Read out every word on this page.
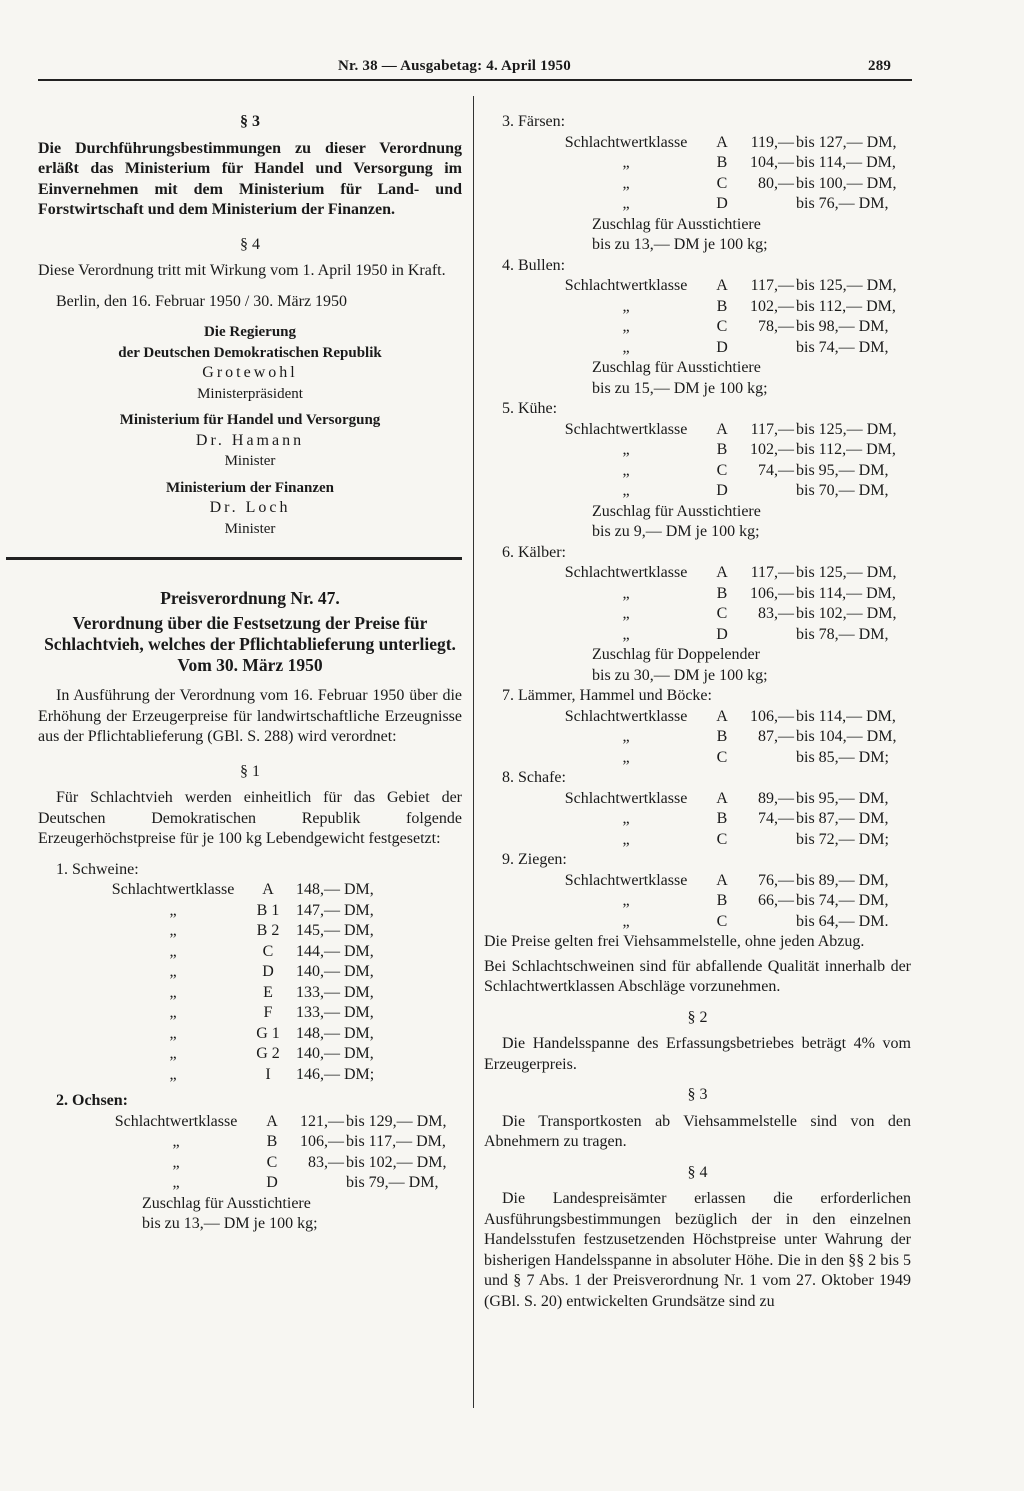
Nr. 38 — Ausgabetag: 4. April 1950	289

§ 3

Die Durchführungsbestimmungen zu dieser Verordnung erläßt das Ministerium für Handel und Versorgung im Einvernehmen mit dem Ministerium für Land- und Forstwirtschaft und dem Ministerium der Finanzen.

§ 4

Diese Verordnung tritt mit Wirkung vom 1. April 1950 in Kraft.

Berlin, den 16. Februar 1950 / 30. März 1950

Die Regierung

der Deutschen Demokratischen Republik

Grotewohl

Ministerpräsident

Ministerium für Handel und Versorgung

Dr. Hamann

Minister

Ministerium der Finanzen

Dr. Loch

Minister

Preisverordnung Nr. 47.

Verordnung über die Festsetzung der Preise für Schlachtvieh, welches der Pflichtablieferung unterliegt.

Vom 30. März 1950

In Ausführung der Verordnung vom 16. Februar 1950 über die Erhöhung der Erzeugerpreise für landwirtschaftliche Erzeugnisse aus der Pflichtablieferung (GBl. S. 288) wird verordnet:

§ 1

Für Schlachtvieh werden einheitlich für das Gebiet der Deutschen Demokratischen Republik folgende Erzeugerhöchstpreise für je 100 kg Lebendgewicht festgesetzt:

1. Schweine:

Schlachtwertklasse	A	148,— DM,
„	B 1	147,— DM,
„	B 2	145,— DM,
„	C	144,— DM,
„	D	140,— DM,
„	E	133,— DM,
„	F	133,— DM,
„	G 1	148,— DM,
„	G 2	140,— DM,
„	I	146,— DM;

2. Ochsen:

Schlachtwertklasse	A	121,—	bis 129,— DM,
„	B	106,—	bis 117,— DM,
„	C	83,—	bis 102,— DM,
„	D		bis 79,— DM,

Zuschlag für Ausstichtiere

bis zu 13,— DM je 100 kg;

3. Färsen:

Schlachtwertklasse	A	119,—	bis 127,— DM,
„	B	104,—	bis 114,— DM,
„	C	80,—	bis 100,— DM,
„	D		bis 76,— DM,

Zuschlag für Ausstichtiere

bis zu 13,— DM je 100 kg;

4. Bullen:

Schlachtwertklasse	A	117,—	bis 125,— DM,
„	B	102,—	bis 112,— DM,
„	C	78,—	bis 98,— DM,
„	D		bis 74,— DM,

Zuschlag für Ausstichtiere

bis zu 15,— DM je 100 kg;

5. Kühe:

Schlachtwertklasse	A	117,—	bis 125,— DM,
„	B	102,—	bis 112,— DM,
„	C	74,—	bis 95,— DM,
„	D		bis 70,— DM,

Zuschlag für Ausstichtiere

bis zu 9,— DM je 100 kg;

6. Kälber:

Schlachtwertklasse	A	117,—	bis 125,— DM,
„	B	106,—	bis 114,— DM,
„	C	83,—	bis 102,— DM,
„	D		bis 78,— DM,

Zuschlag für Doppelender

bis zu 30,— DM je 100 kg;

7. Lämmer, Hammel und Böcke:

Schlachtwertklasse	A	106,—	bis 114,— DM,
„	B	87,—	bis 104,— DM,
„	C		bis 85,— DM;

8. Schafe:

Schlachtwertklasse	A	89,—	bis 95,— DM,
„	B	74,—	bis 87,— DM,
„	C		bis 72,— DM;

9. Ziegen:

Schlachtwertklasse	A	76,—	bis 89,— DM,
„	B	66,—	bis 74,— DM,
„	C		bis 64,— DM.

Die Preise gelten frei Viehsammelstelle, ohne jeden Abzug.

Bei Schlachtschweinen sind für abfallende Qualität innerhalb der Schlachtwertklassen Abschläge vorzunehmen.

§ 2

Die Handelsspanne des Erfassungsbetriebes beträgt 4% vom Erzeugerpreis.

§ 3

Die Transportkosten ab Viehsammelstelle sind von den Abnehmern zu tragen.

§ 4

Die Landespreisämter erlassen die erforderlichen Ausführungsbestimmungen bezüglich der in den einzelnen Handelsstufen festzusetzenden Höchstpreise unter Wahrung der bisherigen Handelsspanne in absoluter Höhe. Die in den §§ 2 bis 5 und § 7 Abs. 1 der Preisverordnung Nr. 1 vom 27. Oktober 1949 (GBl. S. 20) entwickelten Grundsätze sind zu
